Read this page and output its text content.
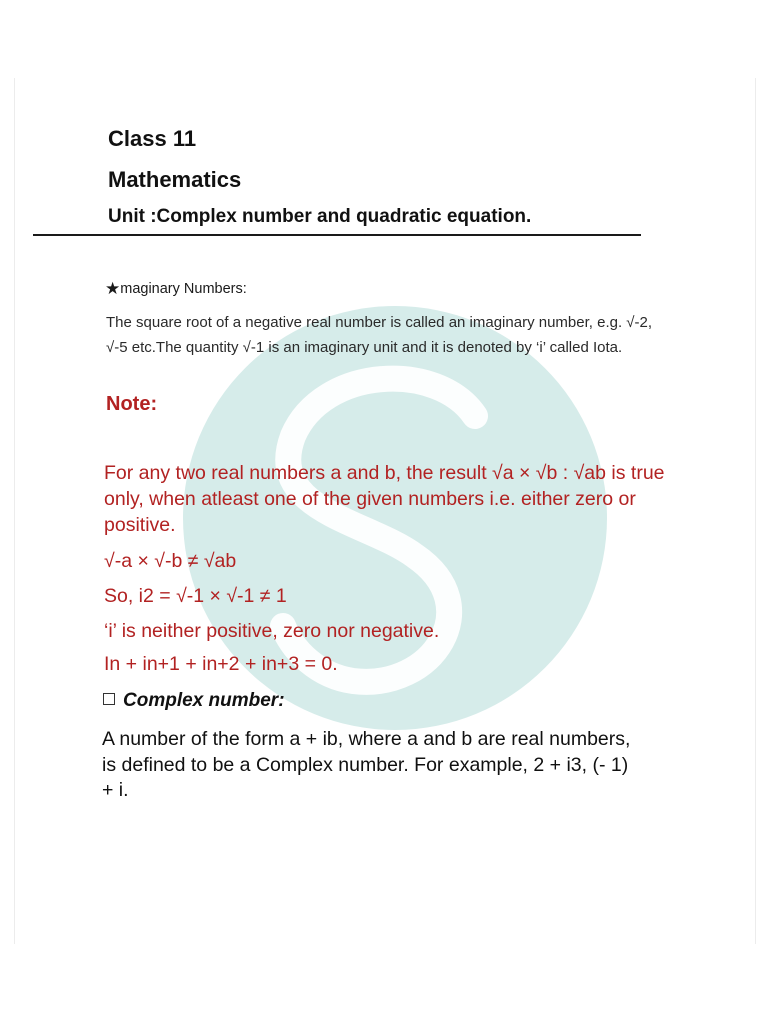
Class 11
Mathematics
Unit :Complex number and quadratic equation.
★maginary Numbers:
The square root of a negative real number is called an imaginary number, e.g. √-2, √-5 etc.The quantity √-1 is an imaginary unit and it is denoted by ‘i’ called Iota.
Note:
For any two real numbers a and b, the result √a × √b : √ab is true only, when atleast one of the given numbers i.e. either zero or positive.
√-a × √-b ≠ √ab
So, i2 = √-1 × √-1 ≠ 1
‘i’ is neither positive, zero nor negative.
In + in+1 + in+2 + in+3 = 0.
Complex number:
A number of the form a + ib, where a and b are real numbers, is defined to be a Complex number. For example, 2 + i3, (- 1) + i.
